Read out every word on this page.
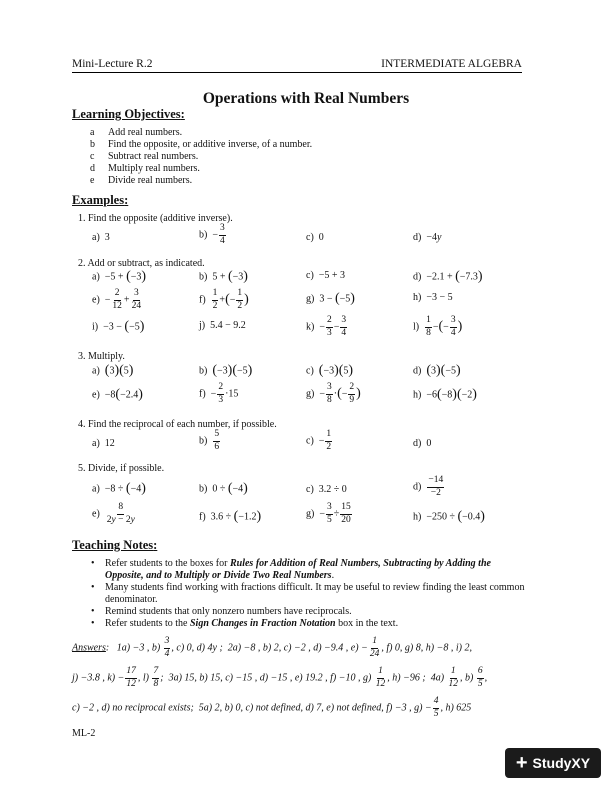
Mini-Lecture R.2	INTERMEDIATE ALGEBRA
Operations with Real Numbers
Learning Objectives:
a Add real numbers.
b Find the opposite, or additive inverse, of a number.
c Subtract real numbers.
d Multiply real numbers.
e Divide real numbers.
Examples:
1. Find the opposite (additive inverse).
a)  3	$b) - \frac{3}{4}$	c)  0	d)  −4y
2. Add or subtract, as indicated.
a)  −5 + (−3)	b)  5 + (−3)	c)  −5 + 3	d)  −2.1 + (−7.3)
$e) - \frac{2}{12} + \frac{3}{24}$	$f) \frac{1}{2}$ +(− $\frac{1}{2}$ )	g)  3 − (−5)	h)  −3 − 5
i)  −3 − (−5)	j)  5.4 − 9.2	$k) - \frac{2}{3} - \frac{3}{4}$	$l) \frac{1}{8}$ −(− $\frac{3}{4}$ )
3. Multiply.
a)  (3)(5)	b)  (−3)(−5)	c)  (−3)(5)	d)  (3)(−5)
e)  −8(−2.4)	$f) - \frac{2}{3} \cdot 15$	$g) - \frac{3}{8}$ ·(− $\frac{2}{9}$ )	h)  −6(−8)(−2)
4. Find the reciprocal of each number, if possible.
a)  12	$b) \frac{5}{6}$	$c) - \frac{1}{2}$	d)  0
5. Divide, if possible.
a)  −8 ÷ (−4)	b)  0 ÷ (−4)	c)  3.2 ÷ 0	$d) \frac{-14}{-2}$
$e) \frac{8}{2y - 2y}$	f)  3.6 ÷ (−1.2)	$g) - \frac{3}{5} \div \frac{15}{20}$	h)  −250 ÷ (−0.4)
Teaching Notes:
• Refer students to the boxes for Rules for Addition of Real Numbers, Subtracting by Adding the Opposite, and to Multiply or Divide Two Real Numbers.
• Many students find working with fractions difficult. It may be useful to review finding the least common denominator.
• Remind students that only nonzero numbers have reciprocals.
• Refer students to the Sign Changes in Fraction Notation box in the text.
Answers:   1a) −3 , $b) \frac{3}{4}$ , c) 0, d) 4y ;  2a) −8 , b) 2, c) −2 , d) −9.4 , $e) - \frac{1}{24}$ , f) 0, g) 8, h) −8 , i) 2,
j) −3.8 , $k) - \frac{17}{12}$ , $l) \frac{7}{8}$ ;  3a) 15, b) 15, c) −15 , d) −15 , e) 19.2 , f) −10 , $g) \frac{1}{12}$ , h) −96 ;  $4a) \frac{1}{12}$ , $b) \frac{6}{5}$ ,
c) −2 , d) no reciprocal exists;  5a) 2, b) 0, c) not defined, d) 7, e) not defined, f) −3 , $g) - \frac{4}{5}$ , h) 625
ML-2
+ StudyXY
